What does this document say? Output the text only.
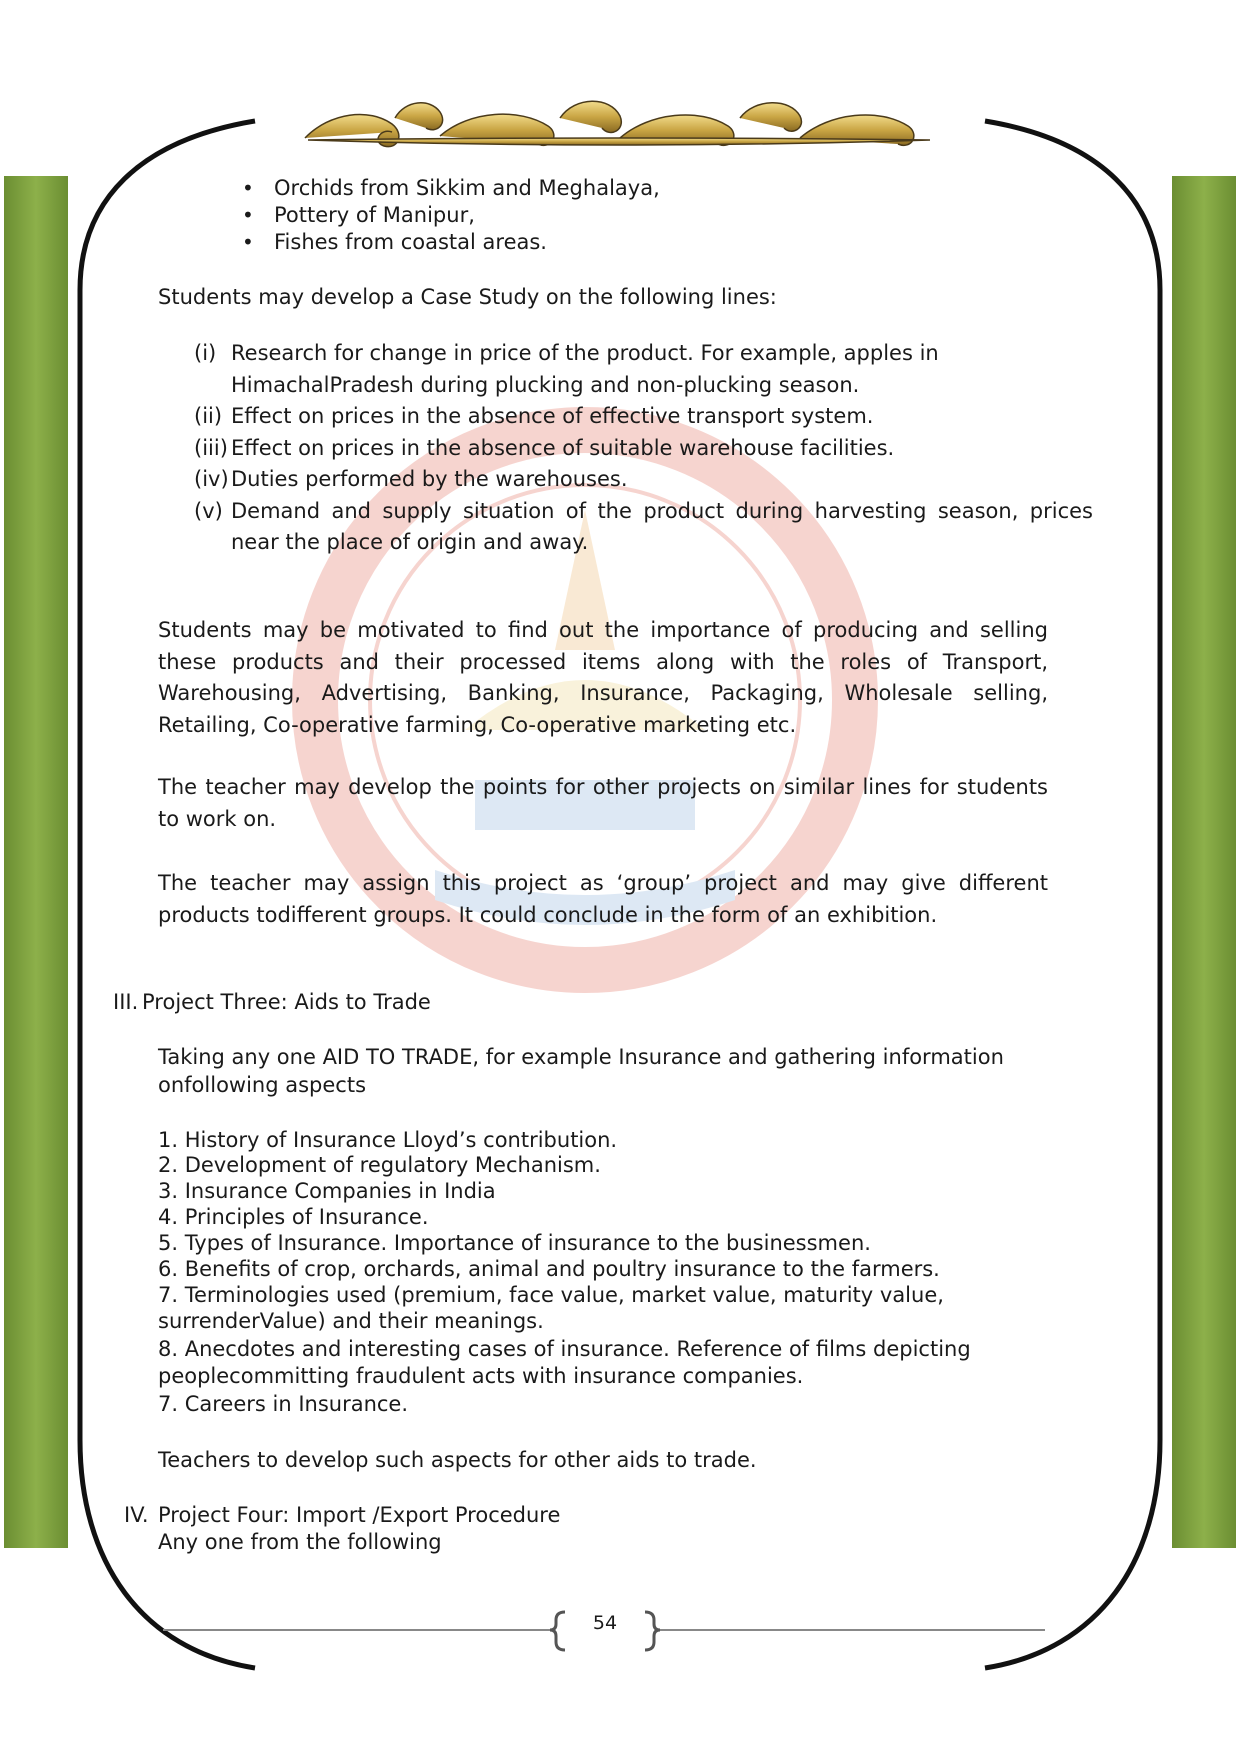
• Orchids from Sikkim and Meghalaya,
• Pottery of Manipur,
• Fishes from coastal areas.
Students may develop a Case Study on the following lines:
(i) Research for change in price of the product. For example, apples in
HimachalPradesh during plucking and non-plucking season.
(ii) Effect on prices in the absence of effective transport system.
(iii) Effect on prices in the absence of suitable warehouse facilities.
(iv) Duties performed by the warehouses.
(v) Demand and supply situation of the product during harvesting season, prices
near the place of origin and away.
Students may be motivated to find out the importance of producing and selling these products and their processed items along with the roles of Transport, Warehousing, Advertising, Banking, Insurance, Packaging, Wholesale selling, Retailing, Co-operative farming, Co-operative marketing etc.
The teacher may develop the points for other projects on similar lines for students to work on.
The teacher may assign this project as ‘group’ project and may give different products todifferent groups. It could conclude in the form of an exhibition.
III. Project Three: Aids to Trade
Taking any one AID TO TRADE, for example Insurance and gathering information
onfollowing aspects
1. History of Insurance Lloyd’s contribution.
2. Development of regulatory Mechanism.
3. Insurance Companies in India
4. Principles of Insurance.
5. Types of Insurance. Importance of insurance to the businessmen.
6. Benefits of crop, orchards, animal and poultry insurance to the farmers.
7. Terminologies used (premium, face value, market value, maturity value,
surrenderValue) and their meanings.
8. Anecdotes and interesting cases of insurance. Reference of films depicting
peoplecommitting fraudulent acts with insurance companies.
7. Careers in Insurance.
Teachers to develop such aspects for other aids to trade.
IV. Project Four: Import /Export Procedure
Any one from the following
54
